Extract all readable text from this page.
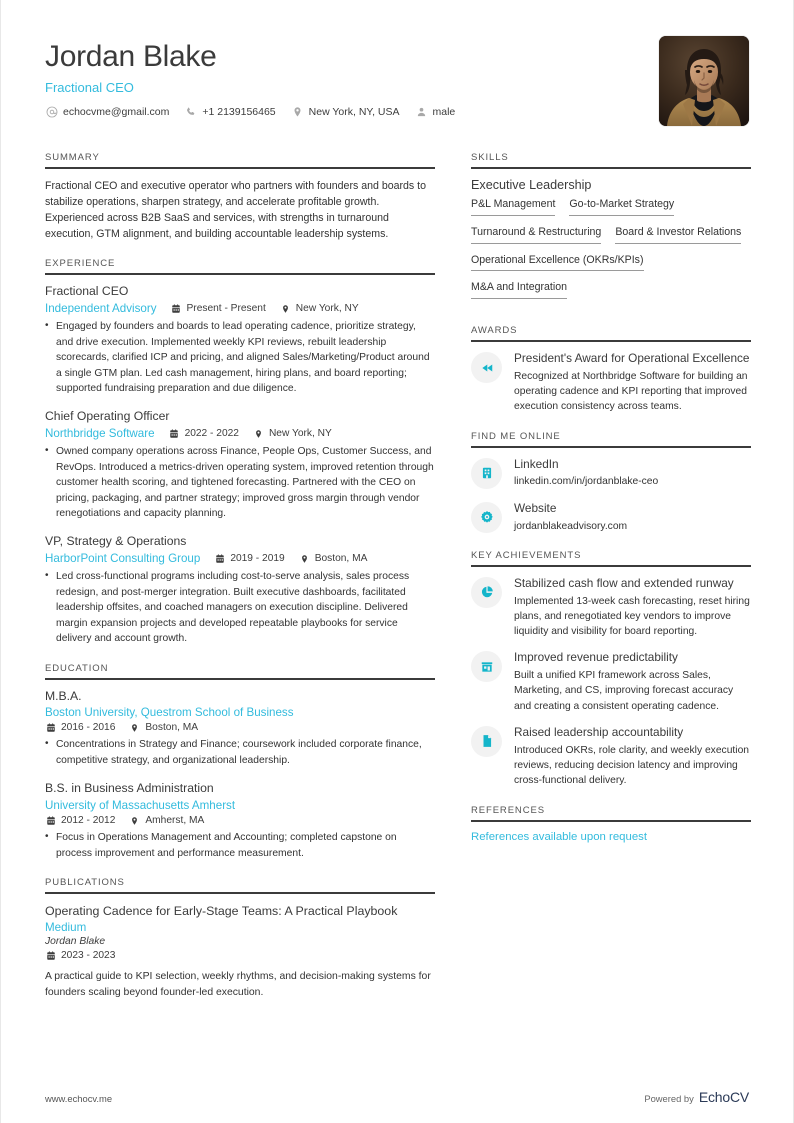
Jordan Blake
Fractional CEO
echocvme@gmail.com	+1 2139156465	New York, NY, USA	male
SUMMARY
Fractional CEO and executive operator who partners with founders and boards to stabilize operations, sharpen strategy, and accelerate profitable growth. Experienced across B2B SaaS and services, with strengths in turnaround execution, GTM alignment, and building accountable leadership systems.
EXPERIENCE
Fractional CEO
Independent Advisory	Present - Present	New York, NY
• Engaged by founders and boards to lead operating cadence, prioritize strategy, and drive execution. Implemented weekly KPI reviews, rebuilt leadership scorecards, clarified ICP and pricing, and aligned Sales/Marketing/Product around a single GTM plan. Led cash management, hiring plans, and board reporting; supported fundraising preparation and due diligence.
Chief Operating Officer
Northbridge Software	2022 - 2022	New York, NY
• Owned company operations across Finance, People Ops, Customer Success, and RevOps. Introduced a metrics-driven operating system, improved retention through customer health scoring, and tightened forecasting. Partnered with the CEO on pricing, packaging, and partner strategy; improved gross margin through vendor renegotiations and capacity planning.
VP, Strategy & Operations
HarborPoint Consulting Group	2019 - 2019	Boston, MA
• Led cross-functional programs including cost-to-serve analysis, sales process redesign, and post-merger integration. Built executive dashboards, facilitated leadership offsites, and coached managers on execution discipline. Delivered margin expansion projects and developed repeatable playbooks for service delivery and account growth.
EDUCATION
M.B.A.
Boston University, Questrom School of Business
2016 - 2016	Boston, MA
• Concentrations in Strategy and Finance; coursework included corporate finance, competitive strategy, and organizational leadership.
B.S. in Business Administration
University of Massachusetts Amherst
2012 - 2012	Amherst, MA
• Focus in Operations Management and Accounting; completed capstone on process improvement and performance measurement.
PUBLICATIONS
Operating Cadence for Early-Stage Teams: A Practical Playbook
Medium
Jordan Blake
2023 - 2023
A practical guide to KPI selection, weekly rhythms, and decision-making systems for founders scaling beyond founder-led execution.
SKILLS
Executive Leadership
P&L Management Go-to-Market Strategy
Turnaround & Restructuring Board & Investor Relations
Operational Excellence (OKRs/KPIs)
M&A and Integration
AWARDS
President's Award for Operational Excellence
Recognized at Northbridge Software for building an operating cadence and KPI reporting that improved execution consistency across teams.
FIND ME ONLINE
LinkedIn
linkedin.com/in/jordanblake-ceo
Website
jordanblakeadvisory.com
KEY ACHIEVEMENTS
Stabilized cash flow and extended runway
Implemented 13-week cash forecasting, reset hiring plans, and renegotiated key vendors to improve liquidity and visibility for board reporting.
Improved revenue predictability
Built a unified KPI framework across Sales, Marketing, and CS, improving forecast accuracy and creating a consistent operating cadence.
Raised leadership accountability
Introduced OKRs, role clarity, and weekly execution reviews, reducing decision latency and improving cross-functional delivery.
REFERENCES
References available upon request
www.echocv.me	Powered by EchoCV
